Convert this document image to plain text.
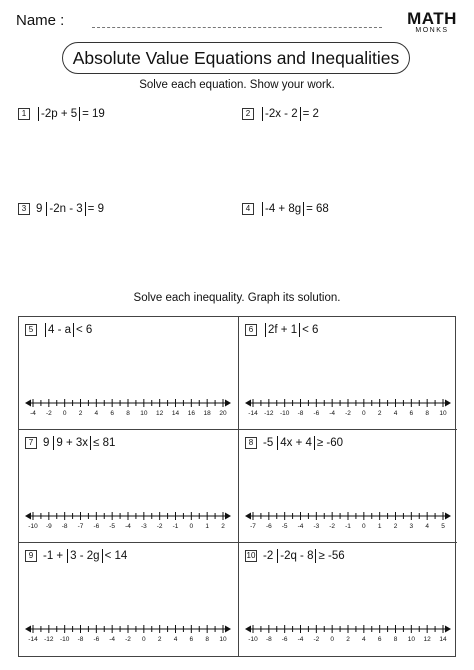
Name :	MATH
MONKS
Absolute Value Equations and Inequalities
Solve each equation. Show your work.
1	-2p + 5 = 19	2	-2x - 2 = 2
3 9 -2n - 3 = 9	4	-4 + 8g = 68
Solve each inequality. Graph its solution.
5	4 - a < 6
-4 -2 0 2 4 6 8 10 12 14 16 18 20
6	2f + 1 < 6
-14 -12 -10 -8 -6 -4 -2 0 2 4 6 8 10
7 9 9 + 3x ≤ 81
-10 -9 -8 -7 -6 -5 -4 -3 -2 -1 0 1 2
8 -5 4x + 4 ≥ -60
-7 -6 -5 -4 -3 -2 -1 0 1 2 3 4 5
9 -1 + 3 - 2g < 14
-14 -12 -10 -8 -6 -4 -2 0 2 4 6 8 10
10 -2 -2q - 8 ≥ -56
-10 -8 -6 -4 -2 0 2 4 6 8 10 12 14
